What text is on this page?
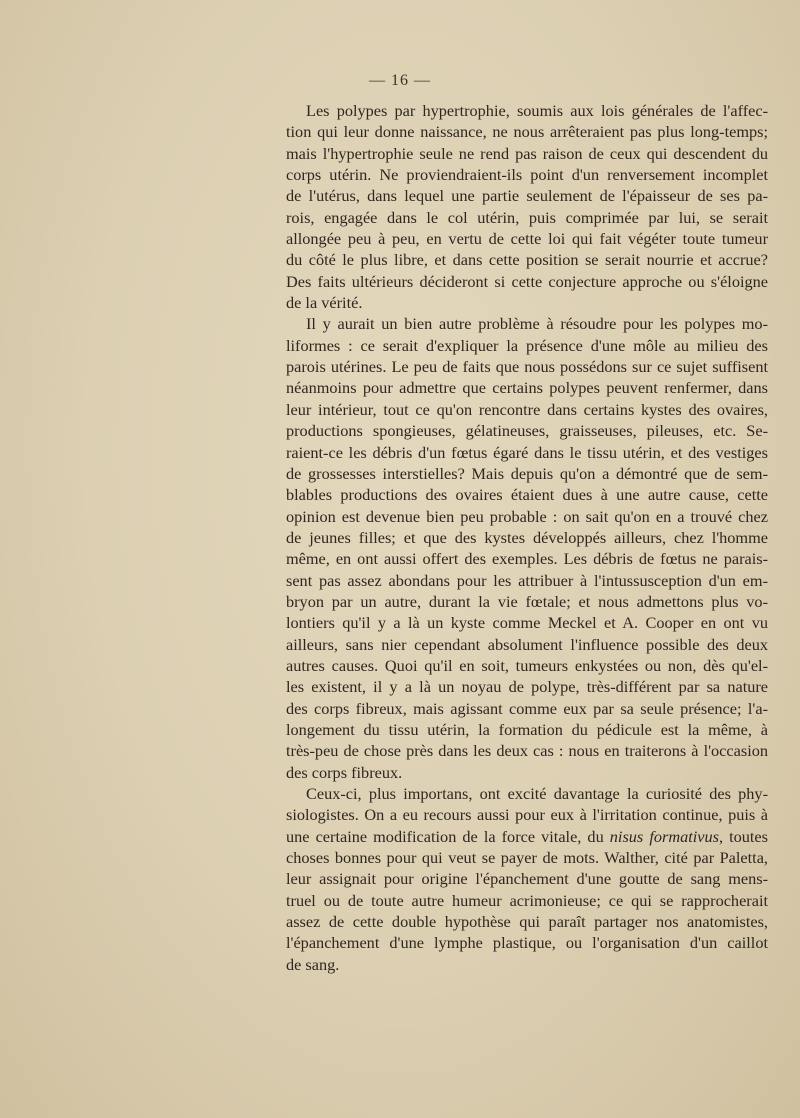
— 16 —

Les polypes par hypertrophie, soumis aux lois générales de l'affec-
tion qui leur donne naissance, ne nous arrêteraient pas plus long-temps;
mais l'hypertrophie seule ne rend pas raison de ceux qui descendent du
corps utérin. Ne proviendraient-ils point d'un renversement incomplet
de l'utérus, dans lequel une partie seulement de l'épaisseur de ses pa-
rois, engagée dans le col utérin, puis comprimée par lui, se serait
allongée peu à peu, en vertu de cette loi qui fait végéter toute tumeur
du côté le plus libre, et dans cette position se serait nourrie et accrue?
Des faits ultérieurs décideront si cette conjecture approche ou s'éloigne
de la vérité.

Il y aurait un bien autre problème à résoudre pour les polypes mo-
liformes : ce serait d'expliquer la présence d'une môle au milieu des
parois utérines. Le peu de faits que nous possédons sur ce sujet suffisent
néanmoins pour admettre que certains polypes peuvent renfermer, dans
leur intérieur, tout ce qu'on rencontre dans certains kystes des ovaires,
productions spongieuses, gélatineuses, graisseuses, pileuses, etc. Se-
raient-ce les débris d'un fœtus égaré dans le tissu utérin, et des vestiges
de grossesses interstielles? Mais depuis qu'on a démontré que de sem-
blables productions des ovaires étaient dues à une autre cause, cette
opinion est devenue bien peu probable : on sait qu'on en a trouvé chez
de jeunes filles; et que des kystes développés ailleurs, chez l'homme
même, en ont aussi offert des exemples. Les débris de fœtus ne parais-
sent pas assez abondans pour les attribuer à l'intussusception d'un em-
bryon par un autre, durant la vie fœtale; et nous admettons plus vo-
lontiers qu'il y a là un kyste comme Meckel et A. Cooper en ont vu
ailleurs, sans nier cependant absolument l'influence possible des deux
autres causes. Quoi qu'il en soit, tumeurs enkystées ou non, dès qu'el-
les existent, il y a là un noyau de polype, très-différent par sa nature
des corps fibreux, mais agissant comme eux par sa seule présence; l'a-
longement du tissu utérin, la formation du pédicule est la même, à
très-peu de chose près dans les deux cas : nous en traiterons à l'occasion
des corps fibreux.

Ceux-ci, plus importans, ont excité davantage la curiosité des phy-
siologistes. On a eu recours aussi pour eux à l'irritation continue, puis à
une certaine modification de la force vitale, du nisus formativus, toutes
choses bonnes pour qui veut se payer de mots. Walther, cité par Paletta,
leur assignait pour origine l'épanchement d'une goutte de sang mens-
truel ou de toute autre humeur acrimonieuse; ce qui se rapprocherait
assez de cette double hypothèse qui paraît partager nos anatomistes,
l'épanchement d'une lymphe plastique, ou l'organisation d'un caillot
de sang.
